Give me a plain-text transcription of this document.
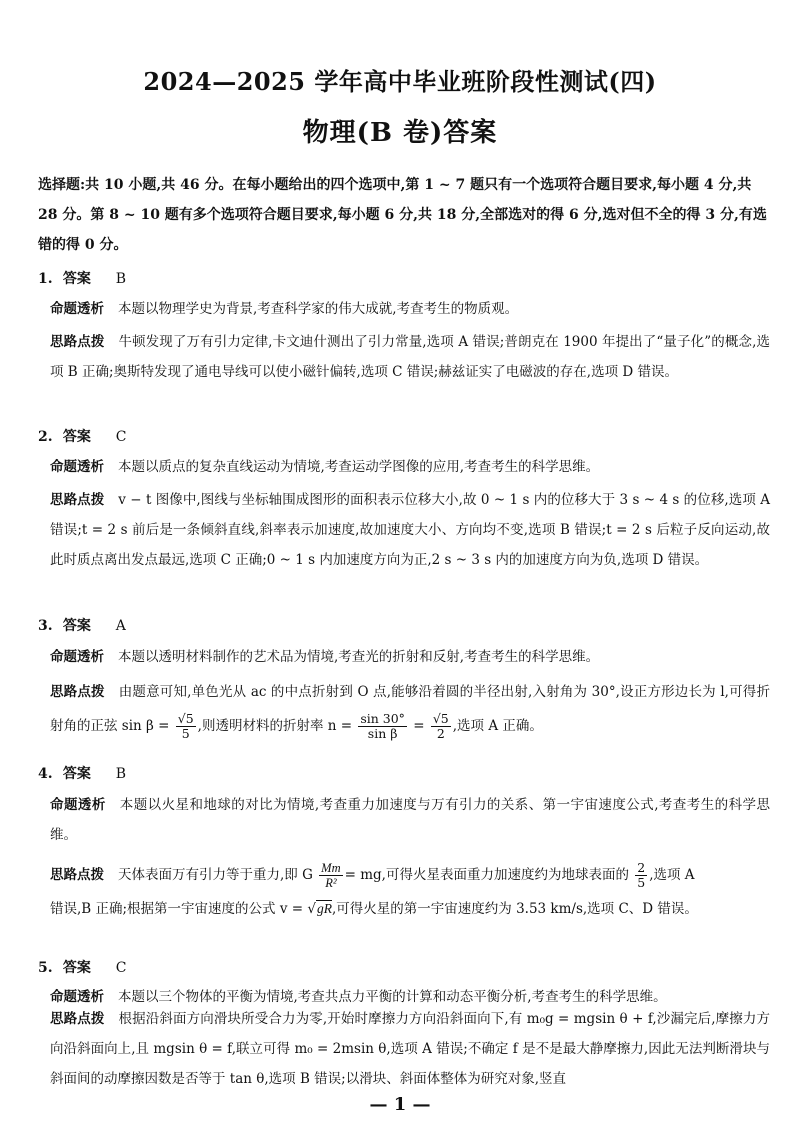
2024—2025 学年高中毕业班阶段性测试(四)
物理(B 卷)答案
选择题:共 10 小题,共 46 分。在每小题给出的四个选项中,第 1 ~ 7 题只有一个选项符合题目要求,每小题 4 分,共 28 分。第 8 ~ 10 题有多个选项符合题目要求,每小题 6 分,共 18 分,全部选对的得 6 分,选对但不全的得 3 分,有选错的得 0 分。
1. 答案 B
命题透析 本题以物理学史为背景,考查科学家的伟大成就,考查考生的物质观。
思路点拨 牛顿发现了万有引力定律,卡文迪什测出了引力常量,选项 A 错误;普朗克在 1900 年提出了“量子化”的概念,选项 B 正确;奥斯特发现了通电导线可以使小磁针偏转,选项 C 错误;赫兹证实了电磁波的存在,选项 D 错误。
2. 答案 C
命题透析 本题以质点的复杂直线运动为情境,考查运动学图像的应用,考查考生的科学思维。
思路点拨 v − t 图像中,图线与坐标轴围成图形的面积表示位移大小,故 0 ~ 1 s 内的位移大于 3 s ~ 4 s 的位移,选项 A 错误;t = 2 s 前后是一条倾斜直线,斜率表示加速度,故加速度大小、方向均不变,选项 B 错误;t = 2 s 后粒子反向运动,故此时质点离出发点最远,选项 C 正确;0 ~ 1 s 内加速度方向为正,2 s ~ 3 s 内的加速度方向为负,选项 D 错误。
3. 答案 A
命题透析 本题以透明材料制作的艺术品为情境,考查光的折射和反射,考查考生的科学思维。
思路点拨 由题意可知,单色光从 ac 的中点折射到 O 点,能够沿着圆的半径出射,入射角为 30°,设正方形边长为 l,可得折射角的正弦 $\sin \beta = \frac{√5}{5}$ ,则透明材料的折射率 $n = \frac{\sin 30^\circ}{\text{sin β}} = \frac{√5}{2}$ ,选项 A 正确。
4. 答案 B
命题透析 本题以火星和地球的对比为情境,考查重力加速度与万有引力的关系、第一宇宙速度公式,考查考生的科学思维。
思路点拨 天体表面万有引力等于重力,即 G $\frac{Mm}{\text{R²}}$ = mg,可得火星表面重力加速度约为地球表面的 $\frac{2}{5}$ ,选项 A
错误,B 正确;根据第一宇宙速度的公式 v = √gR,可得火星的第一宇宙速度约为 3.53 km/s,选项 C、D 错误。
5. 答案 C
命题透析 本题以三个物体的平衡为情境,考查共点力平衡的计算和动态平衡分析,考查考生的科学思维。
思路点拨 根据沿斜面方向滑块所受合力为零,开始时摩擦力方向沿斜面向下,有 m₀g = mgsin θ + f,沙漏完后,摩擦力方向沿斜面向上,且 mgsin θ = f,联立可得 m₀ = 2msin θ,选项 A 错误;不确定 f 是不是最大静摩擦力,因此无法判断滑块与斜面间的动摩擦因数是否等于 tan θ,选项 B 错误;以滑块、斜面体整体为研究对象,竖直
— 1 —
